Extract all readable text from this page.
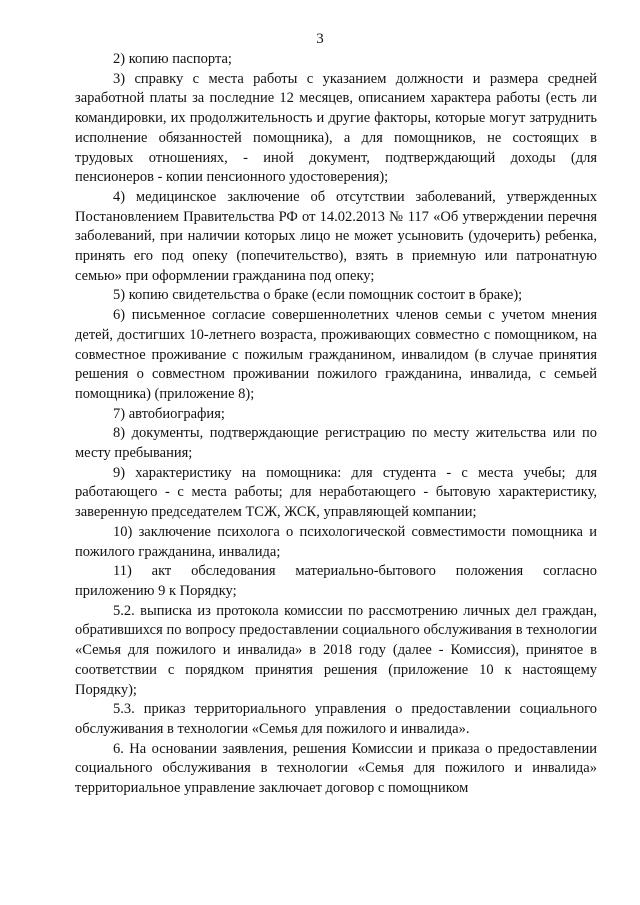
3

2) копию паспорта;

3) справку с места работы с указанием должности и размера средней заработной платы за последние 12 месяцев, описанием характера работы (есть ли командировки, их продолжительность и другие факторы, которые могут затруднить исполнение обязанностей помощника), а для помощников, не состоящих в трудовых отношениях, - иной документ, подтверждающий доходы (для пенсионеров - копии пенсионного удостоверения);

4) медицинское заключение об отсутствии заболеваний, утвержденных Постановлением Правительства РФ от 14.02.2013 № 117 «Об утверждении перечня заболеваний, при наличии которых лицо не может усыновить (удочерить) ребенка, принять его под опеку (попечительство), взять в приемную или патронатную семью» при оформлении гражданина под опеку;

5) копию свидетельства о браке (если помощник состоит в браке);

6) письменное согласие совершеннолетних членов семьи с учетом мнения детей, достигших 10-летнего возраста, проживающих совместно с помощником, на совместное проживание с пожилым гражданином, инвалидом (в случае принятия решения о совместном проживании пожилого гражданина, инвалида, с семьей помощника) (приложение 8);

7) автобиография;

8) документы, подтверждающие регистрацию по месту жительства или по месту пребывания;

9) характеристику на помощника: для студента - с места учебы; для работающего - с места работы; для неработающего - бытовую характеристику, заверенную председателем ТСЖ, ЖСК, управляющей компании;

10) заключение психолога о психологической совместимости помощника и пожилого гражданина, инвалида;

11) акт обследования материально-бытового положения согласно приложению 9 к Порядку;

5.2. выписка из протокола комиссии по рассмотрению личных дел граждан, обратившихся по вопросу предоставлении социального обслуживания в технологии «Семья для пожилого и инвалида» в 2018 году (далее - Комиссия), принятое в соответствии с порядком принятия решения (приложение 10 к настоящему Порядку);

5.3. приказ территориального управления о предоставлении социального обслуживания в технологии «Семья для пожилого и инвалида».

6. На основании заявления, решения Комиссии и приказа о предоставлении социального обслуживания в технологии «Семья для пожилого и инвалида» территориальное управление заключает договор с помощником
